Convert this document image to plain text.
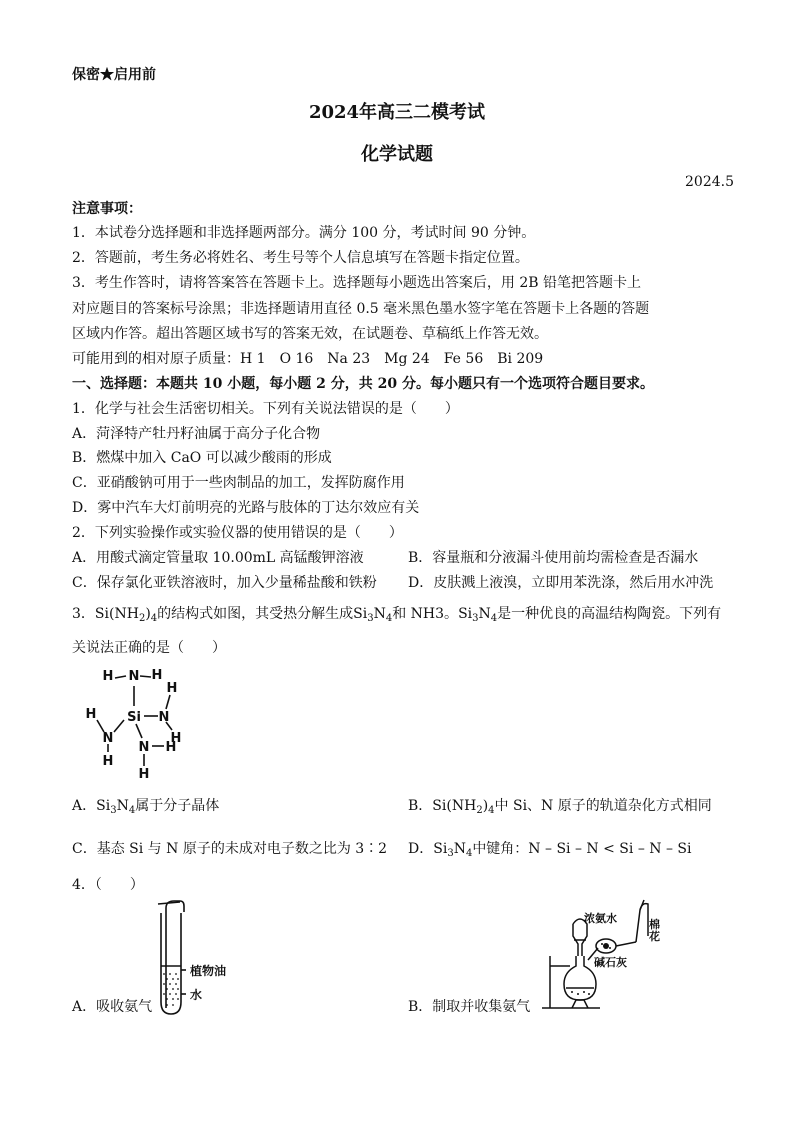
保密★启用前
2024年高三二模考试
化学试题
2024.5
注意事项：
1．本试卷分选择题和非选择题两部分。满分 100 分，考试时间 90 分钟。
2．答题前，考生务必将姓名、考生号等个人信息填写在答题卡指定位置。
3．考生作答时，请将答案答在答题卡上。选择题每小题选出答案后，用 2B 铅笔把答题卡上
对应题目的答案标号涂黑；非选择题请用直径 0.5 毫米黑色墨水签字笔在答题卡上各题的答题
区域内作答。超出答题区域书写的答案无效，在试题卷、草稿纸上作答无效。
可能用到的相对原子质量：H 1　O 16　Na 23　Mg 24　Fe 56　Bi 209
一、选择题：本题共 10 小题，每小题 2 分，共 20 分。每小题只有一个选项符合题目要求。
1．化学与社会生活密切相关。下列有关说法错误的是（　　）
A．菏泽特产牡丹籽油属于高分子化合物
B．燃煤中加入 CaO 可以减少酸雨的形成
C．亚硝酸钠可用于一些肉制品的加工，发挥防腐作用
D．雾中汽车大灯前明亮的光路与肢体的丁达尔效应有关
2．下列实验操作或实验仪器的使用错误的是（　　）
A．用酸式滴定管量取 10.00mL 高锰酸钾溶液	B．容量瓶和分液漏斗使用前均需检查是否漏水
C．保存氯化亚铁溶液时，加入少量稀盐酸和铁粉 D．皮肤溅上液溴，立即用苯洗涤，然后用水冲洗
3．$Si(NH_2)_4$的结构式如图，其受热分解生成$Si_3N_4$和 NH3。$Si_3N_4$是一种优良的高温结构陶瓷。下列有
关说法正确的是（　　）
N
H	H
Si N
H
H
H
N
H
N H
H
A．$Si_3N_4$属于分子晶体	B．$Si(NH_2)_4$中 Si、N 原子的轨道杂化方式相同
C．基态 Si 与 N 原子的未成对电子数之比为 3∶2 D．$Si_3N_4$中键角：N – Si – N < Si – N – Si
4．（　　）
植物油
水
A．吸收氨气
浓氨水	棉
花
碱石灰
B．制取并收集氨气
